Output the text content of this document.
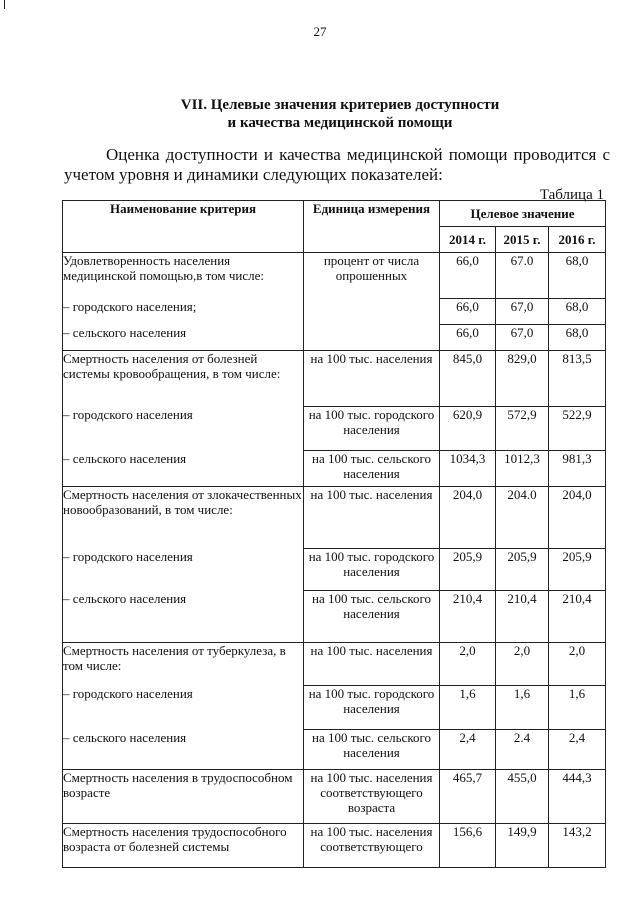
27
VII. Целевые значения критериев доступности
и качества медицинской помощи
Оценка доступности и качества медицинской помощи проводится с учетом уровня и динамики следующих показателей:
Таблица 1
Наименование критерия	Единица измерения	Целевое значение		
		2014 г.	2015 г.	2016 г.
Удовлетворенность населения медицинской помощью,в том числе:	процент от числа опрошенных	66,0	67.0	68,0
– городского населения;		66,0	67,0	68,0
– сельского населения		66,0	67,0	68,0
Смертность населения от болезней системы кровообращения, в том числе:	на 100 тыс. населения	845,0	829,0	813,5
– городского населения	на 100 тыс. городского населения	620,9	572,9	522,9
– сельского населения	на 100 тыс. сельского населения	1034,3	1012,3	981,3
Смертность населения от злокачественных новообразований, в том числе:	на 100 тыс. населения	204,0	204.0	204,0
– городского населения	на 100 тыс. городского населения	205,9	205,9	205,9
– сельского населения	на 100 тыс. сельского населения	210,4	210,4	210,4
Смертность населения от туберкулеза, в том числе:	на 100 тыс. населения	2,0	2,0	2,0
– городского населения	на 100 тыс. городского населения	1,6	1,6	1,6
– сельского населения	на 100 тыс. сельского населения	2,4	2.4	2,4
Смертность населения в трудоспособном возрасте	на 100 тыс. населения соответствующего возраста	465,7	455,0	444,3
Смертность населения трудоспособного возраста от болезней системы	на 100 тыс. населения соответствующего	156,6	149,9	143,2
